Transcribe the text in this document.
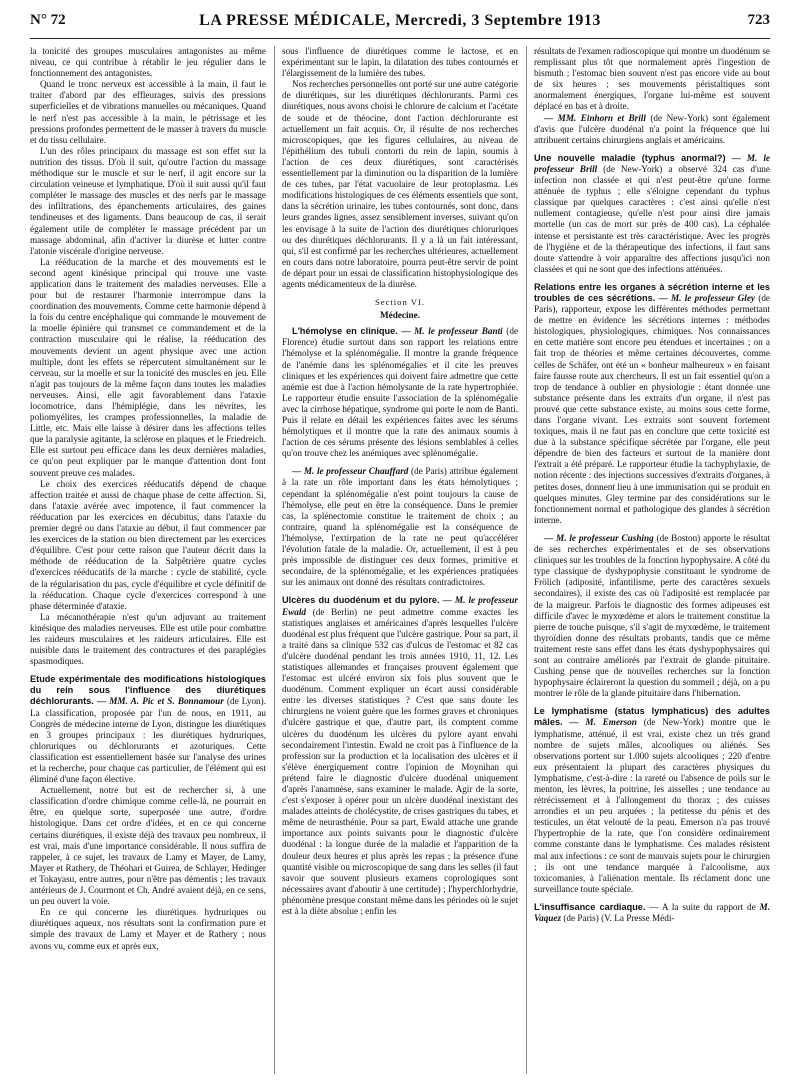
N° 72	LA PRESSE MÉDICALE, Mercredi, 3 Septembre 1913	723

la tonicité des groupes musculaires antagonistes au même niveau, ce qui contribue à rétablir le jeu régulier dans le fonctionnement des antagonistes.

Quand le tronc nerveux est accessible à la main, il faut le traiter d'abord par des effleurages, suivis des pressions superficielles et de vibrations manuelles ou mécaniques. Quand le nerf n'est pas accessible à la main, le pétrissage et les pressions profondes permettent de le masser à travers du muscle et du tissu cellulaire.

L'un des rôles principaux du massage est son effet sur la nutrition des tissus. D'où il suit, qu'outre l'action du massage méthodique sur le muscle et sur le nerf, il agit encore sur la circulation veineuse et lymphatique. D'où il suit aussi qu'il faut compléter le massage des muscles et des nerfs par le massage des infiltrations, des épanchements articulaires, des gaines tendineuses et des ligaments. Dans beaucoup de cas, il serait également utile de compléter le massage précédent par un massage abdominal, afin d'activer la diurèse et lutter contre l'atonie viscérale d'origine nerveuse.

La rééducation de la marche et des mouvements est le second agent kinésique principal qui trouve une vaste application dans le traitement des maladies nerveuses. Elle a pour but de restaurer l'harmonie interrompue dans la coordination des mouvements. Comme cette harmonie dépend à la fois du centre encéphalique qui commande le mouvement de la moelle épinière qui transmet ce commandement et de la contraction musculaire qui le réalise, la rééducation des mouvements devient un agent physique avec une action multiple, dont les effets se répercutent simultanément sur le cerveau, sur la moelle et sur la tonicité des muscles en jeu. Elle n'agit pas toujours de la même façon dans toutes les maladies nerveuses. Ainsi, elle agit favorablement dans l'ataxie locomotrice, dans l'hémiplégie, dans les névrites, les poliomyélites, les crampes professionnelles, la maladie de Little, etc. Mais elle laisse à désirer dans les affections telles que la paralysie agitante, la sclérose en plaques et le Friedreich. Elle est surtout peu efficace dans les deux dernières maladies, ce qu'on peut expliquer par le manque d'attention dont font souvent preuve ces malades.

Le choix des exercices rééducatifs dépend de chaque affection traitée et aussi de chaque phase de cette affection. Si, dans l'ataxie avérée avec impotence, il faut commencer la rééducation par les exercices en décubitus, dans l'ataxie du premier degré ou dans l'ataxie au début, il faut commencer par les exercices de la station ou bien directement par les exercices d'équilibre. C'est pour cette raison que l'auteur décrit dans la méthode de rééducation de la Salpêtrière quatre cycles d'exercices rééducatifs de la marche : cycle de stabilité, cycle de la régularisation du pas, cycle d'équilibre et cycle définitif de la rééducation. Chaque cycle d'exercices correspond à une phase déterminée d'ataxie.

La mécanothérapie n'est qu'un adjuvant au traitement kinésique des maladies nerveuses. Elle est utile pour combattre les raideurs musculaires et les raideurs articulaires. Elle est nuisible dans le traitement des contractures et des paraplégies spasmodiques.

Etude expérimentale des modifications histologiques du rein sous l'influence des diurétiques déchlorurants. — MM. A. Pic et S. Bonnamour (de Lyon). La classification, proposée par l'un de nous, en 1911, au Congrès de médecine interne de Lyon, distingue les diurétiques en 3 groupes principaux : les diurétiques hydruriques, chloruriques ou déchlorurants et azoturiques. Cette classification est essentiellement basée sur l'analyse des urines et la recherche, pour chaque cas particulier, de l'élément qui est éliminé d'une façon élective.

Actuellement, notre but est de rechercher si, à une classification d'ordre chimique comme celle-là, ne pourrait en être, en quelque sorte, superposée une autre, d'ordre histologique. Dans cet ordre d'idées, et en ce qui concerne certains diurétiques, il existe déjà des travaux peu nombreux, il est vrai, mais d'une importance considérable. Il nous suffira de rappeler, à ce sujet, les travaux de Lamy et Mayer, de Lamy, Mayer et Rathery, de Théohari et Guirea, de Schlayer, Hedinger et Tokayasu, entre autres, pour n'être pas démentis ; les travaux antérieurs de J. Courmont et Ch. André avaient déjà, en ce sens, un peu ouvert la voie.

En ce qui concerne les diurétiques hydruriques ou diurétiques aqueux, nos résultats sont la confirmation pure et simple des travaux de Lamy et Mayer et de Rathery ; nous avons vu, comme eux et après eux,

sous l'influence de diurétiques comme le lactose, et en expérimentant sur le lapin, la dilatation des tubes contournés et l'élargissement de la lumière des tubes.

Nos recherches personnelles ont porté sur une autre catégorie de diurétiques, sur les diurétiques déchlorurants. Parmi ces diurétiques, nous avons choisi le chlorure de calcium et l'acétate de soude et de théocine, dont l'action déchlorurante est actuellement un fait acquis. Or, il résulte de nos recherches microscopiques, que les figures cellulaires, au niveau de l'épithélium des tubuli contorti du rein de lapin, soumis à l'action de ces deux diurétiques, sont caractérisés essentiellement par la diminution ou la disparition de la lumière de ces tubes, par l'état vacuolaire de leur protoplasma. Les modifications histologiques de ces éléments essentiels que sont, dans la sécrétion urinaire, les tubes contournés, sont donc, dans leurs grandes lignes, assez sensiblement inverses, suivant qu'on les envisage à la suite de l'action des diurétiques chloruriques ou des diurétiques déchlorurants. Il y a là un fait intéressant, qui, s'il est confirmé par les recherches ultérieures, actuellement en cours dans notre laboratoire, pourra peut-être servir de point de départ pour un essai de classification histophysiologique des agents médicamenteux de la diurèse.

Section VI.
Médecine.

L'hémolyse en clinique. — M. le professeur Banti (de Florence) étudie surtout dans son rapport les relations entre l'hémolyse et la splénomégalie. Il montre la grande fréquence de l'anémie dans les splénomégalies et il cite les preuves cliniques et les expériences qui doivent faire admettre que cette anémie est due à l'action hémolysante de la rate hypertrophiée. Le rapporteur étudie ensuite l'association de la splénomégalie avec la cirrhose hépatique, syndrome qui porte le nom de Banti. Puis il relate en détail les expériences faites avec les sérums hémolytiques et il montre que la rate des animaux soumis à l'action de ces sérums présente des lésions semblables à celles qu'on trouve chez les anémiques avec splénomégalie.

— M. le professeur Chauffard (de Paris) attribue également à la rate un rôle important dans les états hémolytiques ; cependant la splénomégalie n'est point toujours la cause de l'hémolyse, elle peut en être la conséquence. Dans le premier cas, la splénectomie constitue le traitement de choix ; au contraire, quand la splénomégalie est la conséquence de l'hémolyse, l'extirpation de la rate ne peut qu'accélérer l'évolution fatale de la maladie. Or, actuellement, il est à peu près impossible de distinguer ces deux formes, primitive et secondaire, de la splénomégalie, et les expériences pratiquées sur les animaux ont donné des résultats contradictoires.

Ulcères du duodénum et du pylore. — M. le professeur Ewald (de Berlin) ne peut admettre comme exactes les statistiques anglaises et américaines d'après lesquelles l'ulcère duodénal est plus fréquent que l'ulcère gastrique. Pour sa part, il a traité dans sa clinique 532 cas d'ulcus de l'estomac et 82 cas d'ulcère duodénal pendant les trois années 1910, 11, 12. Les statistiques allemandes et françaises prouvent également que l'estomac est ulcéré environ six fois plus souvent que le duodénum. Comment expliquer un écart aussi considérable entre les diverses statistiques ? C'est que sans doute les chirurgiens ne voient guère que les formes graves et chroniques d'ulcère gastrique et que, d'autre part, ils comptent comme ulcères du duodénum les ulcères du pylore ayant envahi secondairement l'intestin. Ewald ne croit pas à l'influence de la profession sur la production et la localisation des ulcères et il s'élève énergiquement contre l'opinion de Moynihan qui prétend faire le diagnostic d'ulcère duodénal uniquement d'après l'anamnèse, sans examiner le malade. Agir de la sorte, c'est s'exposer à opérer pour un ulcère duodénal inexistant des malades atteints de cholécystite, de crises gastriques du tabes, et même de neurasthénie. Pour sa part, Ewald attache une grande importance aux points suivants pour le diagnostic d'ulcère duodénal : la longue durée de la maladie et l'apparition de la douleur deux heures et plus après les repas ; la présence d'une quantité visible ou microscopique de sang dans les selles (il faut savoir que souvent plusieurs examens coprologiques sont nécessaires avant d'aboutir à une certitude) ; l'hyperchlorhydrie, phénomène presque constant même dans les périodes où le sujet est à la diète absolue ; enfin les

résultats de l'examen radioscopique qui montre un duodénum se remplissant plus tôt que normalement après l'ingestion de bismuth ; l'estomac bien souvent n'est pas encore vide au bout de six heures ; ses mouvements péristaltiques sont anormalement énergiques, l'organe lui-même est souvent déplacé en bas et à droite.

— MM. Einhorn et Brill (de New-York) sont également d'avis que l'ulcère duodénal n'a point la fréquence que lui attribuent certains chirurgiens anglais et américains.

Une nouvelle maladie (typhus anormal?) — M. le professeur Brill (de New-York) a observé 324 cas d'une infection non classée et qui n'est peut-être qu'une forme atténuée de typhus ; elle s'éloigne cependant du typhus classique par quelques caractères : c'est ainsi qu'elle n'est nullement contagieuse, qu'elle n'est pour ainsi dire jamais mortelle (un cas de mort sur près de 400 cas). La céphalée intense et persistante est très caractéristique. Avec les progrès de l'hygiène et de la thérapeutique des infections, il faut sans doute s'attendre à voir apparaître des affections jusqu'ici non classées et qui ne sont que des infections atténuées.

Relations entre les organes à sécrétion interne et les troubles de ces sécrétions. — M. le professeur Gley (de Paris), rapporteur, expose les différentes méthodes permettant de mettre en évidence les sécrétions internes : méthodes histologiques, physiologiques, chimiques. Nos connaissances en cette matière sont encore peu étendues et incertaines ; on a fait trop de théories et même certaines découvertes, comme celles de Schäfer, ont été un « bonheur malheureux » en faisant faire fausse route aux chercheurs. Il est un fait essentiel qu'on a trop de tendance à oublier en physiologie : étant donnée une substance présente dans les extraits d'un organe, il n'est pas prouvé que cette substance existe, au moins sous cette forme, dans l'organe vivant. Les extraits sont souvent fortement toxiques, mais il ne faut pas en conclure que cette toxicité est due à la substance spécifique sécrétée par l'organe, elle peut dépendre de bien des facteurs et surtout de la manière dont l'extrait a été préparé. Le rapporteur étudie la tachyphylaxie, de notion récente : des injections successives d'extraits d'organes, à petites doses, donnent lieu à une immunisation qui se produit en quelques minutes. Gley termine par des considérations sur le fonctionnement normal et pathologique des glandes à sécrétion interne.

— M. le professeur Cushing (de Boston) apporte le résultat de ses recherches expérimentales et de ses observations cliniques sur les troubles de la fonction hypophysaire. A côté du type classique de dyshypophysie constituant le syndrome de Frölich (adiposité, infantilisme, perte des caractères sexuels secondaires), il existe des cas où l'adiposité est remplacée par de la maigreur. Parfois le diagnostic des formes adipeuses est difficile d'avec le myxœdème et alors le traitement constitue la pierre de touche puisque, s'il s'agit de myxœdème, le traitement thyroïdien donne des résultats probants, tandis que ce même traitement reste sans effet dans les états dyshypophysaires qui sont au contraire améliorés par l'extrait de glande pituitaire. Cushing pense que de nouvelles recherches sur la fonction hypophysaire éclaireront la question du sommeil ; déjà, on a pu montrer le rôle de la glande pituitaire dans l'hibernation.

Le lymphatisme (status lymphaticus) des adultes mâles. — M. Emerson (de New-York) montre que le lymphatisme, atténué, il est vrai, existe chez un très grand nombre de sujets mâles, alcooliques ou aliénés. Ses observations portent sur 1.000 sujets alcooliques ; 220 d'entre eux présentaient la plupart des caractères physiques du lymphatisme, c'est-à-dire : la rareté ou l'absence de poils sur le menton, les lèvres, la poitrine, les aisselles ; une tendance au rétrécissement et à l'allongement du thorax ; des cuisses arrondies et un peu arquées ; la petitesse du pénis et des testicules, un état velouté de la peau. Emerson n'a pas trouvé l'hypertrophie de la rate, que l'on considère ordinairement comme constante dans le lymphatisme. Ces malades résistent mal aux infections : ce sont de mauvais sujets pour le chirurgien ; ils ont une tendance marquée à l'alcoolisme, aux toxicomanies, à l'aliénation mentale. Ils réclament donc une surveillance toute spéciale.

L'insuffisance cardiaque. — A la suite du rapport de M. Vaquez (de Paris) (V. La Presse Médi-
